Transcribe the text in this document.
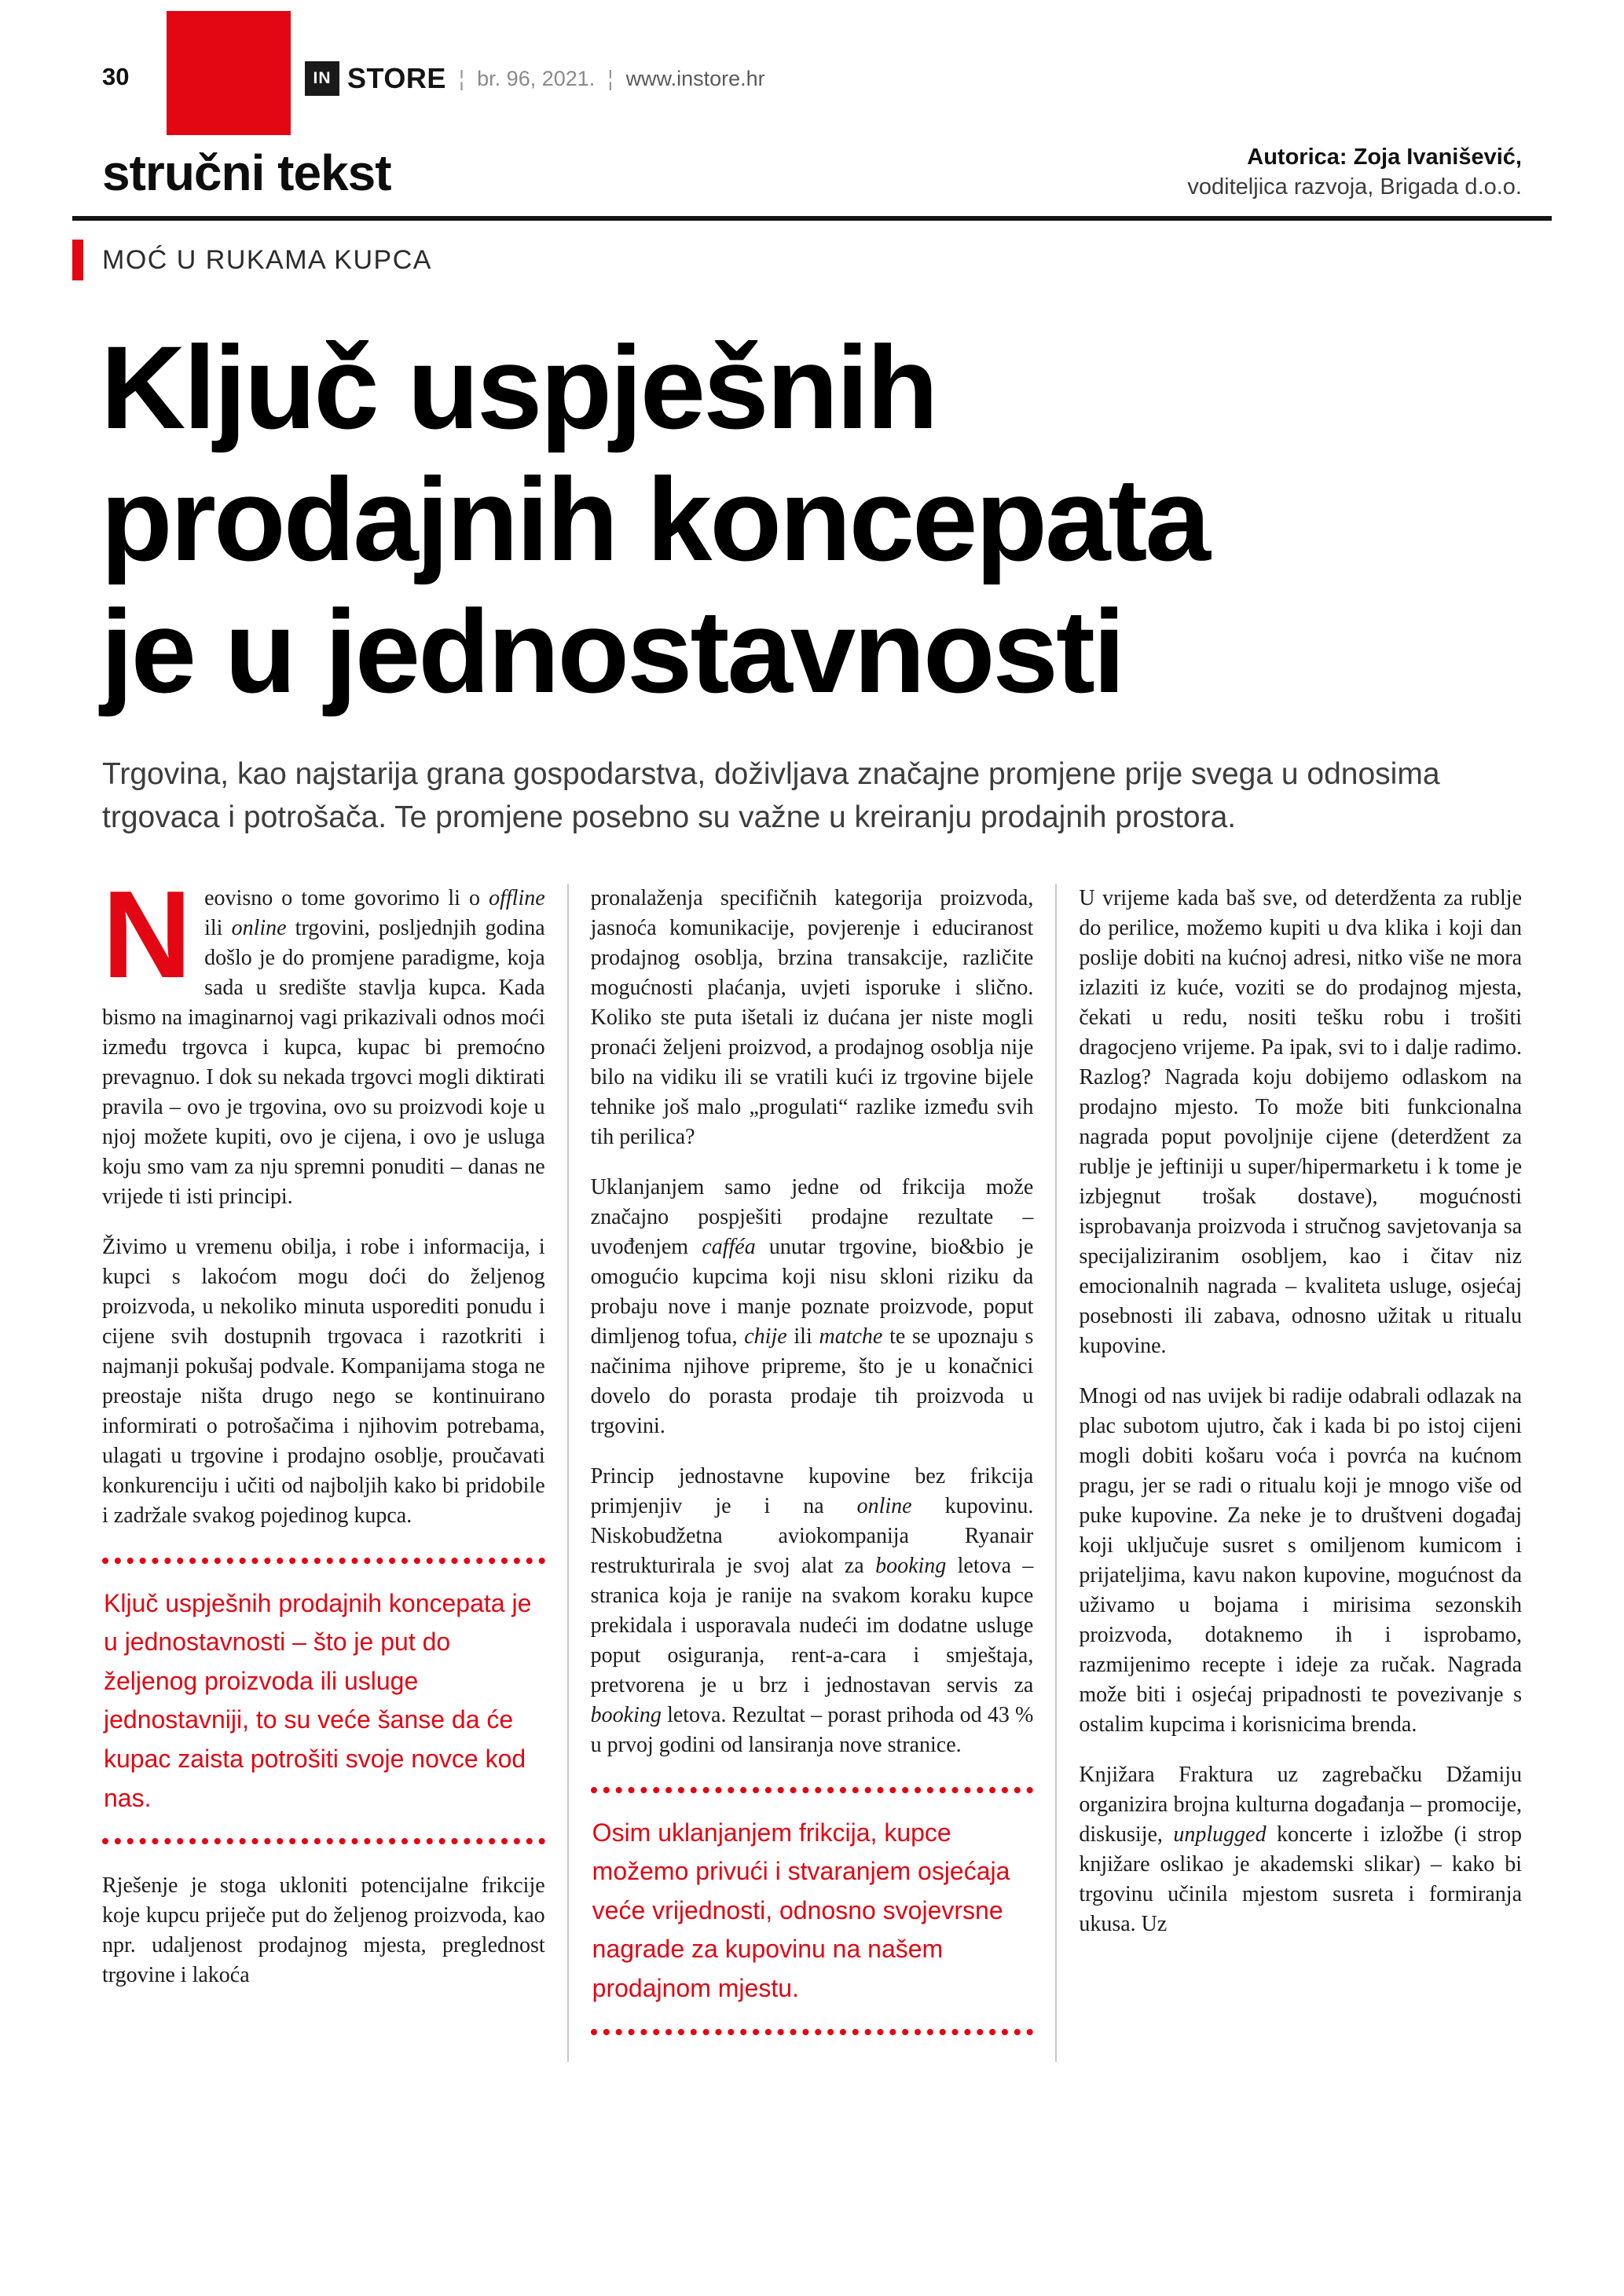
30	IN STORE ¦ br. 96, 2021. ¦ www.instore.hr
stručni tekst	Autorica: Zoja Ivanišević,
voditeljica razvoja, Brigada d.o.o.
MOĆ U RUKAMA KUPCA
Ključ uspješnih
prodajnih koncepata
je u jednostavnosti

Trgovina, kao najstarija grana gospodarstva, doživljava značajne promjene prije svega u odnosima trgovaca i potrošača. Te promjene posebno su važne u kreiranju prodajnih prostora.

Neovisno o tome govorimo li o offline ili online trgovini, posljednjih godina došlo je do promjene paradigme, koja sada u središte stavlja kupca. Kada bismo na imaginarnoj vagi prikazivali odnos moći između trgovca i kupca, kupac bi premoćno prevagnuo. I dok su nekada trgovci mogli diktirati pravila – ovo je trgovina, ovo su proizvodi koje u njoj možete kupiti, ovo je cijena, i ovo je usluga koju smo vam za nju spremni ponuditi – danas ne vrijede ti isti principi.

Živimo u vremenu obilja, i robe i informacija, i kupci s lakoćom mogu doći do željenog proizvoda, u nekoliko minuta usporediti ponudu i cijene svih dostupnih trgovaca i razotkriti i najmanji pokušaj podvale. Kompanijama stoga ne preostaje ništa drugo nego se kontinuirano informirati o potrošačima i njihovim potrebama, ulagati u trgovine i prodajno osoblje, proučavati konkurenciju i učiti od najboljih kako bi pridobile i zadržale svakog pojedinog kupca.

Ključ uspješnih prodajnih koncepata je u jednostavnosti – što je put do željenog proizvoda ili usluge jednostavniji, to su veće šanse da će kupac zaista potrošiti svoje novce kod nas.

Rješenje je stoga ukloniti potencijalne frikcije koje kupcu priječe put do željenog proizvoda, kao npr. udaljenost prodajnog mjesta, preglednost trgovine i lakoća

pronalaženja specifičnih kategorija proizvoda, jasnoća komunikacije, povjerenje i educiranost prodajnog osoblja, brzina transakcije, različite mogućnosti plaćanja, uvjeti isporuke i slično. Koliko ste puta išetali iz dućana jer niste mogli pronaći željeni proizvod, a prodajnog osoblja nije bilo na vidiku ili se vratili kući iz trgovine bijele tehnike još malo „progulati“ razlike između svih tih perilica?

Uklanjanjem samo jedne od frikcija može značajno pospješiti prodajne rezultate – uvođenjem cafféa unutar trgovine, bio&bio je omogućio kupcima koji nisu skloni riziku da probaju nove i manje poznate proizvode, poput dimljenog tofua, chije ili matche te se upoznaju s načinima njihove pripreme, što je u konačnici dovelo do porasta prodaje tih proizvoda u trgovini.

Princip jednostavne kupovine bez frikcija primjenjiv je i na online kupovinu. Niskobudžetna aviokompanija Ryanair restrukturirala je svoj alat za booking letova – stranica koja je ranije na svakom koraku kupce prekidala i usporavala nudeći im dodatne usluge poput osiguranja, rent-a-cara i smještaja, pretvorena je u brz i jednostavan servis za booking letova. Rezultat – porast prihoda od 43 % u prvoj godini od lansiranja nove stranice.

Osim uklanjanjem frikcija, kupce možemo privući i stvaranjem osjećaja veće vrijednosti, odnosno svojevrsne nagrade za kupovinu na našem prodajnom mjestu.

U vrijeme kada baš sve, od deterdženta za rublje do perilice, možemo kupiti u dva klika i koji dan poslije dobiti na kućnoj adresi, nitko više ne mora izlaziti iz kuće, voziti se do prodajnog mjesta, čekati u redu, nositi tešku robu i trošiti dragocjeno vrijeme. Pa ipak, svi to i dalje radimo. Razlog? Nagrada koju dobijemo odlaskom na prodajno mjesto. To može biti funkcionalna nagrada poput povoljnije cijene (deterdžent za rublje je jeftiniji u super/hipermarketu i k tome je izbjegnut trošak dostave), mogućnosti isprobavanja proizvoda i stručnog savjetovanja sa specijaliziranim osobljem, kao i čitav niz emocionalnih nagrada – kvaliteta usluge, osjećaj posebnosti ili zabava, odnosno užitak u ritualu kupovine.

Mnogi od nas uvijek bi radije odabrali odlazak na plac subotom ujutro, čak i kada bi po istoj cijeni mogli dobiti košaru voća i povrća na kućnom pragu, jer se radi o ritualu koji je mnogo više od puke kupovine. Za neke je to društveni događaj koji uključuje susret s omiljenom kumicom i prijateljima, kavu nakon kupovine, mogućnost da uživamo u bojama i mirisima sezonskih proizvoda, dotaknemo ih i isprobamo, razmijenimo recepte i ideje za ručak. Nagrada može biti i osjećaj pripadnosti te povezivanje s ostalim kupcima i korisnicima brenda.

Knjižara Fraktura uz zagrebačku Džamiju organizira brojna kulturna događanja – promocije, diskusije, unplugged koncerte i izložbe (i strop knjižare oslikao je akademski slikar) – kako bi trgovinu učinila mjestom susreta i formiranja ukusa. Uz
